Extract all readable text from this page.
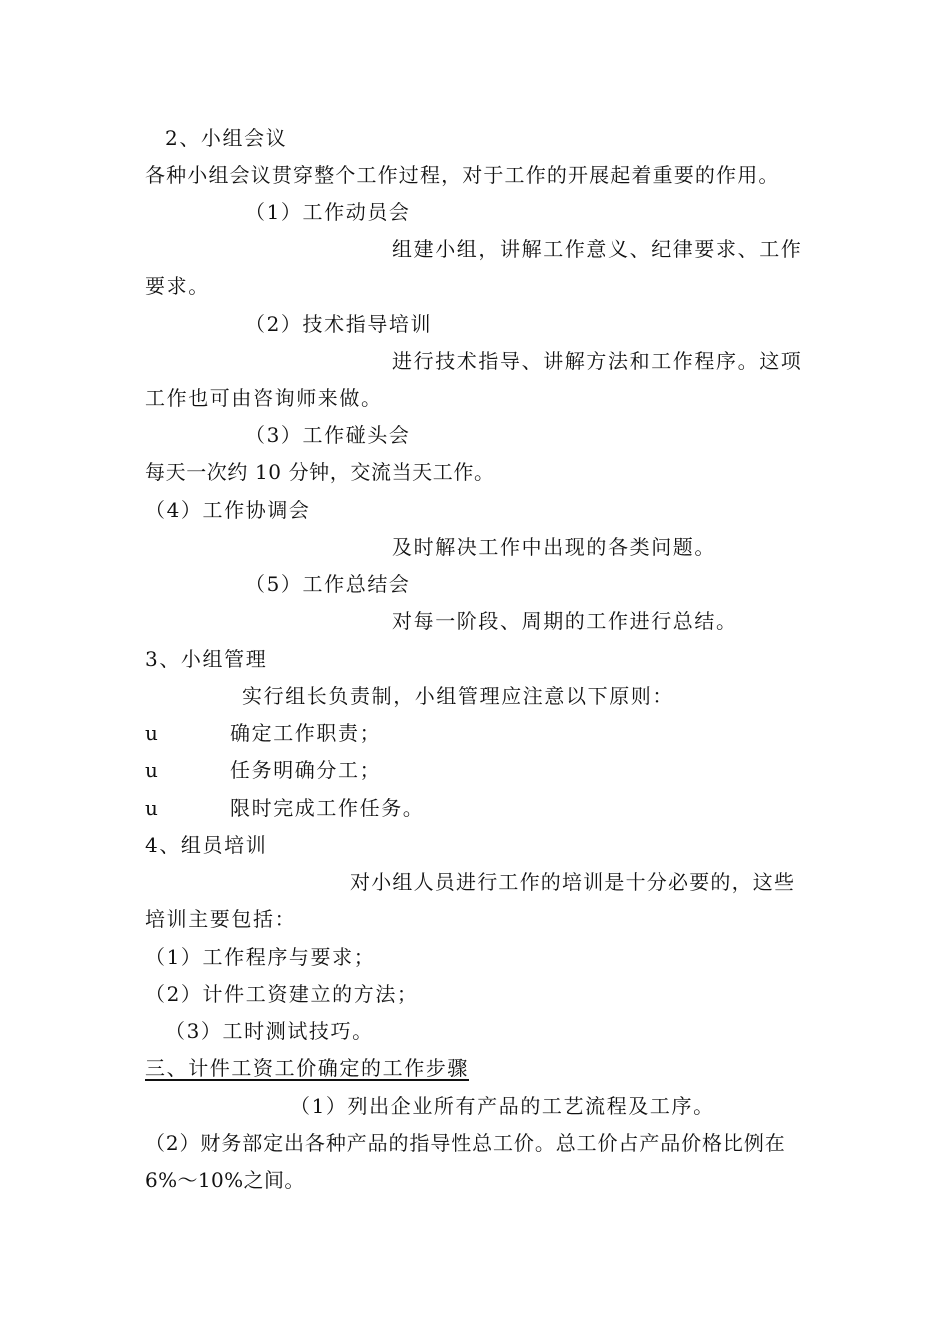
2、小组会议
各种小组会议贯穿整个工作过程，对于工作的开展起着重要的作用。
（1）工作动员会
组建小组，讲解工作意义、纪律要求、工作
要求。
（2）技术指导培训
进行技术指导、讲解方法和工作程序。这项
工作也可由咨询师来做。
（3）工作碰头会
每天一次约 10 分钟，交流当天工作。
（4）工作协调会
及时解决工作中出现的各类问题。
（5）工作总结会
对每一阶段、周期的工作进行总结。
3、小组管理
实行组长负责制，小组管理应注意以下原则：
u	确定工作职责；
u	任务明确分工；
u	限时完成工作任务。
4、组员培训
对小组人员进行工作的培训是十分必要的，这些
培训主要包括：
（1）工作程序与要求；
（2）计件工资建立的方法；
（3）工时测试技巧。
三、计件工资工价确定的工作步骤
（1）列出企业所有产品的工艺流程及工序。
（2）财务部定出各种产品的指导性总工价。总工价占产品价格比例在
6%～10%之间。
